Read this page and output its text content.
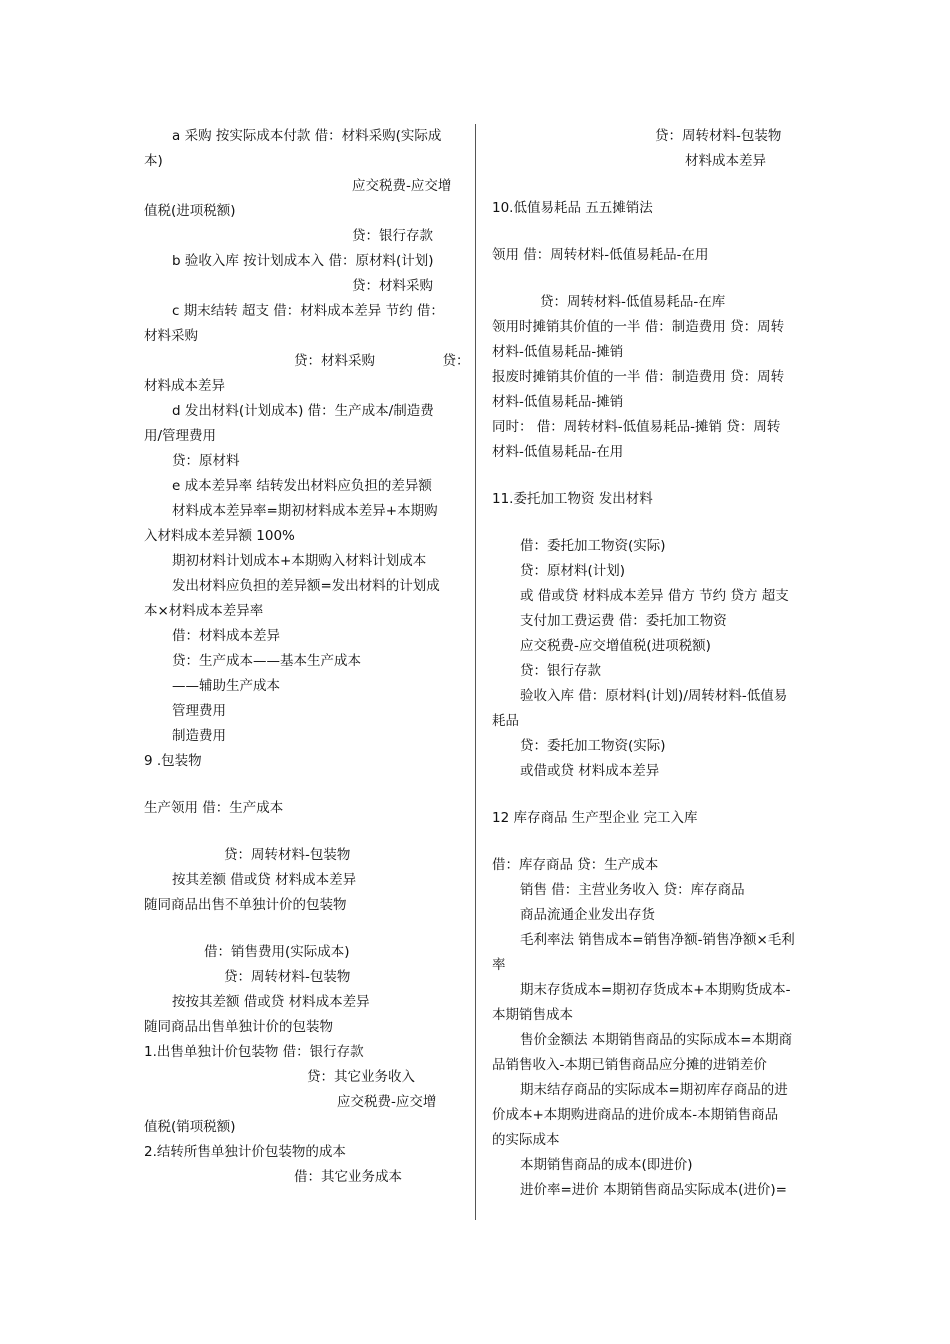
a 采购 按实际成本付款 借：材料采购(实际成
本)
应交税费-应交增
值税(进项税额)
贷：银行存款
b 验收入库 按计划成本入 借：原材料(计划)
贷：材料采购
c 期末结转 超支 借：材料成本差异 节约 借：
材料采购
贷：材料采购　　　　　贷：
材料成本差异
d 发出材料(计划成本) 借：生产成本/制造费
用/管理费用
贷：原材料
e 成本差异率 结转发出材料应负担的差异额
材料成本差异率=期初材料成本差异+本期购
入材料成本差异额 100%
期初材料计划成本+本期购入材料计划成本
发出材料应负担的差异额=发出材料的计划成
本×材料成本差异率
借：材料成本差异
贷：生产成本——基本生产成本
——辅助生产成本
管理费用
制造费用
9 .包装物
生产领用 借：生产成本
贷：周转材料-包装物
按其差额 借或贷 材料成本差异
随同商品出售不单独计价的包装物
借：销售费用(实际成本)
贷：周转材料-包装物
按按其差额 借或贷 材料成本差异
随同商品出售单独计价的包装物
1.出售单独计价包装物 借：银行存款
贷：其它业务收入
应交税费-应交增
值税(销项税额)
2.结转所售单独计价包装物的成本
借：其它业务成本
贷：周转材料-包装物
材料成本差异
10.低值易耗品 五五摊销法
领用 借：周转材料-低值易耗品-在用
贷：周转材料-低值易耗品-在库
领用时摊销其价值的一半 借：制造费用 贷：周转
材料-低值易耗品-摊销
报废时摊销其价值的一半 借：制造费用 贷：周转
材料-低值易耗品-摊销
同时： 借：周转材料-低值易耗品-摊销 贷：周转
材料-低值易耗品-在用
11.委托加工物资 发出材料
借：委托加工物资(实际)
贷：原材料(计划)
或 借或贷 材料成本差异 借方 节约 贷方 超支
支付加工费运费 借：委托加工物资
应交税费-应交增值税(进项税额)
贷：银行存款
验收入库 借：原材料(计划)/周转材料-低值易
耗品
贷：委托加工物资(实际)
或借或贷 材料成本差异
12 库存商品 生产型企业 完工入库
借：库存商品 贷：生产成本
销售 借：主营业务收入 贷：库存商品
商品流通企业发出存货
毛利率法 销售成本=销售净额-销售净额×毛利
率
期末存货成本=期初存货成本+本期购货成本-
本期销售成本
售价金额法 本期销售商品的实际成本=本期商
品销售收入-本期已销售商品应分摊的进销差价
期末结存商品的实际成本=期初库存商品的进
价成本+本期购进商品的进价成本-本期销售商品
的实际成本
本期销售商品的成本(即进价)
进价率=进价 本期销售商品实际成本(进价)=
